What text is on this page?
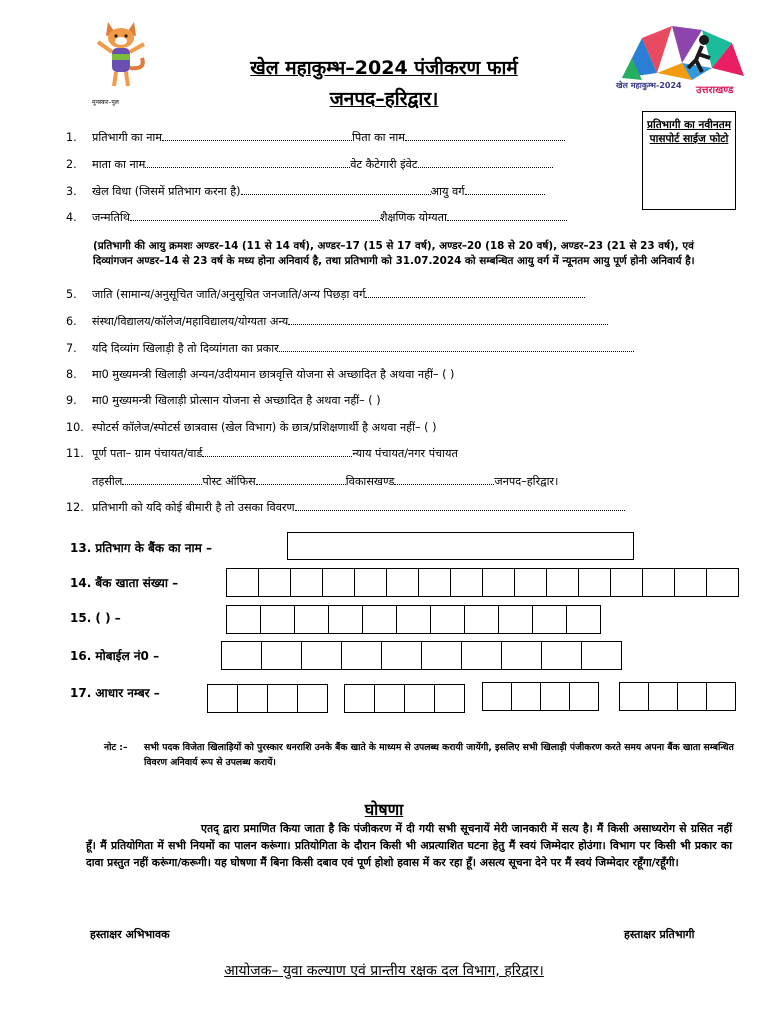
मुनस्कर–पुल
खेल महाकुम्भ-2024 उत्तराखण्ड
खेल महाकुम्भ–2024 पंजीकरण फार्म
जनपद–हरिद्वार।
प्रतिभागी का नवीनतम पासपोर्ट साईज फोटो
1. प्रतिभागी का नाम	पिता का नाम
2. माता का नाम	वेट कैटेगारी इंवेट
3. खेल विधा (जिसमें प्रतिभाग करना है)	आयु वर्ग
4. जन्मतिथि	शैक्षणिक योग्यता
(प्रतिभागी की आयु क्रमशः अण्डर–14 (11 से 14 वर्ष), अण्डर–17 (15 से 17 वर्ष), अण्डर–20 (18 से 20 वर्ष), अण्डर–23 (21 से 23 वर्ष), एवं दिव्यांगजन अण्डर–14 से 23 वर्ष के मध्य होना अनिवार्य है, तथा प्रतिभागी को 31.07.2024 को सम्बन्धित आयु वर्ग में न्यूनतम आयु पूर्ण होनी अनिवार्य है।
5. जाति (सामान्य/अनुसूचित जाति/अनुसूचित जनजाति/अन्य पिछड़ा वर्ग
6. संस्था/विद्यालय/कॉलेज/महाविद्यालय/योग्यता अन्य
7. यदि दिव्यांग खिलाड़ी है तो दिव्यांगता का प्रकार
8. मा0 मुख्यमन्त्री खिलाड़ी अन्यन/उदीयमान छात्रवृत्ति योजना से अच्छादित है अथवा नहीं– ( )
9. मा0 मुख्यमन्त्री खिलाड़ी प्रोत्सान योजना से अच्छादित है अथवा नहीं– ( )
10. स्पोटर्स कॉलेज/स्पोटर्स छात्रवास (खेल विभाग) के छात्र/प्रशिक्षणार्थी है अथवा नहीं– ( )
11. पूर्ण पता– ग्राम पंचायत/वार्ड	न्याय पंचायत/नगर पंचायत
तहसील	पोस्ट ऑफिस	विकासखण्ड	जनपद–हरिद्वार।
12. प्रतिभागी को यदि कोई बीमारी है तो उसका विवरण
13. प्रतिभाग के बैंक का नाम –
14. बैंक खाता संख्या –
15. ( ) –
16. मोबाईल नं0 –
17. आधार नम्बर –
नोट :–	सभी पदक विजेता खिलाड़ियों को पुरस्कार धनराशि उनके बैंक खाते के माध्यम से उपलब्ध करायी जायेंगी, इसलिए सभी खिलाड़ी पंजीकरण करते समय अपना बैंक खाता सम्बन्धित विवरण अनिवार्य रूप से उपलब्ध करायें।
घोषणा
एतद् द्वारा प्रमाणित किया जाता है कि पंजीकरण में दी गयी सभी सूचनायें मेरी जानकारी में सत्य है। मैं किसी असाध्यरोग से ग्रसित नहीं हूँ। मैं प्रतियोगिता में सभी नियमों का पालन करूंगा। प्रतियोगिता के दौरान किसी भी अप्रत्याशित घटना हेतु मैं स्वयं जिम्मेदार होउंगा। विभाग पर किसी भी प्रकार का दावा प्रस्तुत नहीं करूंगा/करूगी। यह घोषणा मैं बिना किसी दबाव एवं पूर्ण होशो हवास में कर रहा हूँ। असत्य सूचना देने पर मैं स्वयं जिम्मेदार रहूँगा/रहूँगी।
हस्ताक्षर अभिभावक	हस्ताक्षर प्रतिभागी
आयोजक– युवा कल्याण एवं प्रान्तीय रक्षक दल विभाग, हरिद्वार।
